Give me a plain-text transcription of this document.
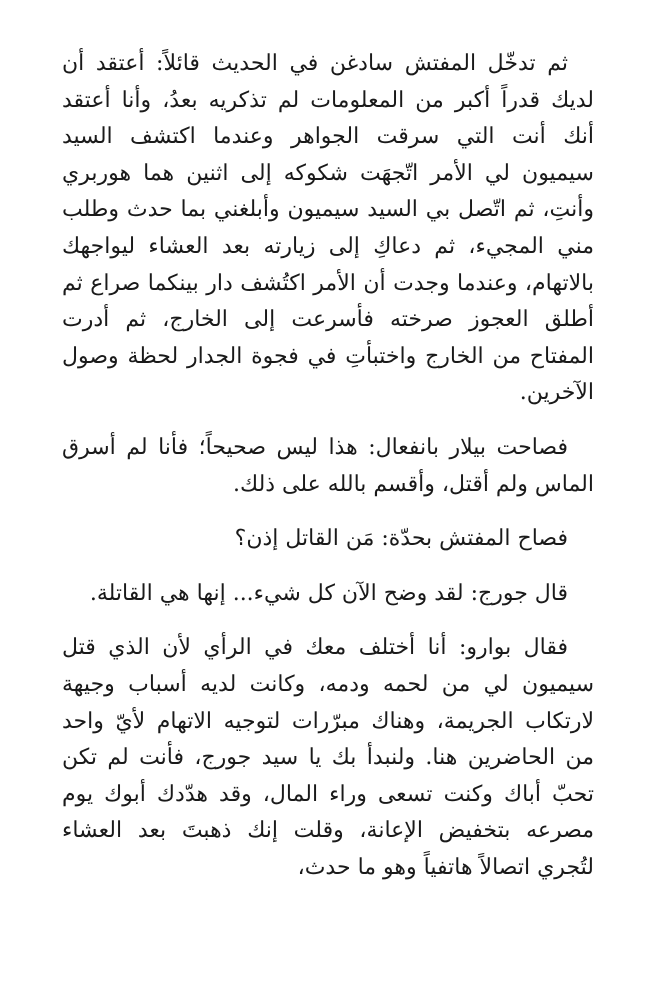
ثم تدخّل المفتش سادغن في الحديث قائلاً: أعتقد أن لديك قدراً أكبر من المعلومات لم تذكريه بعدُ، وأنا أعتقد أنك أنت التي سرقت الجواهر وعندما اكتشف السيد سيميون لي الأمر اتّجهَت شكوكه إلى اثنين هما هوربري وأنتِ، ثم اتّصل بي السيد سيميون وأبلغني بما حدث وطلب مني المجيء، ثم دعاكِ إلى زيارته بعد العشاء ليواجهك بالاتهام، وعندما وجدت أن الأمر اكتُشف دار بينكما صراع ثم أطلق العجوز صرخته فأسرعت إلى الخارج، ثم أدرت المفتاح من الخارج واختبأتِ في فجوة الجدار لحظة وصول الآخرين.

فصاحت بيلار بانفعال: هذا ليس صحيحاً؛ فأنا لم أسرق الماس ولم أقتل، وأقسم بالله على ذلك.

فصاح المفتش بحدّة: مَن القاتل إذن؟

قال جورج: لقد وضح الآن كل شيء... إنها هي القاتلة.

فقال بوارو: أنا أختلف معك في الرأي لأن الذي قتل سيميون لي من لحمه ودمه، وكانت لديه أسباب وجيهة لارتكاب الجريمة، وهناك مبرّرات لتوجيه الاتهام لأيّ واحد من الحاضرين هنا. ولنبدأ بك يا سيد جورج، فأنت لم تكن تحبّ أباك وكنت تسعى وراء المال، وقد هدّدك أبوك يوم مصرعه بتخفيض الإعانة، وقلت إنك ذهبتَ بعد العشاء لتُجري اتصالاً هاتفياً وهو ما حدث،
